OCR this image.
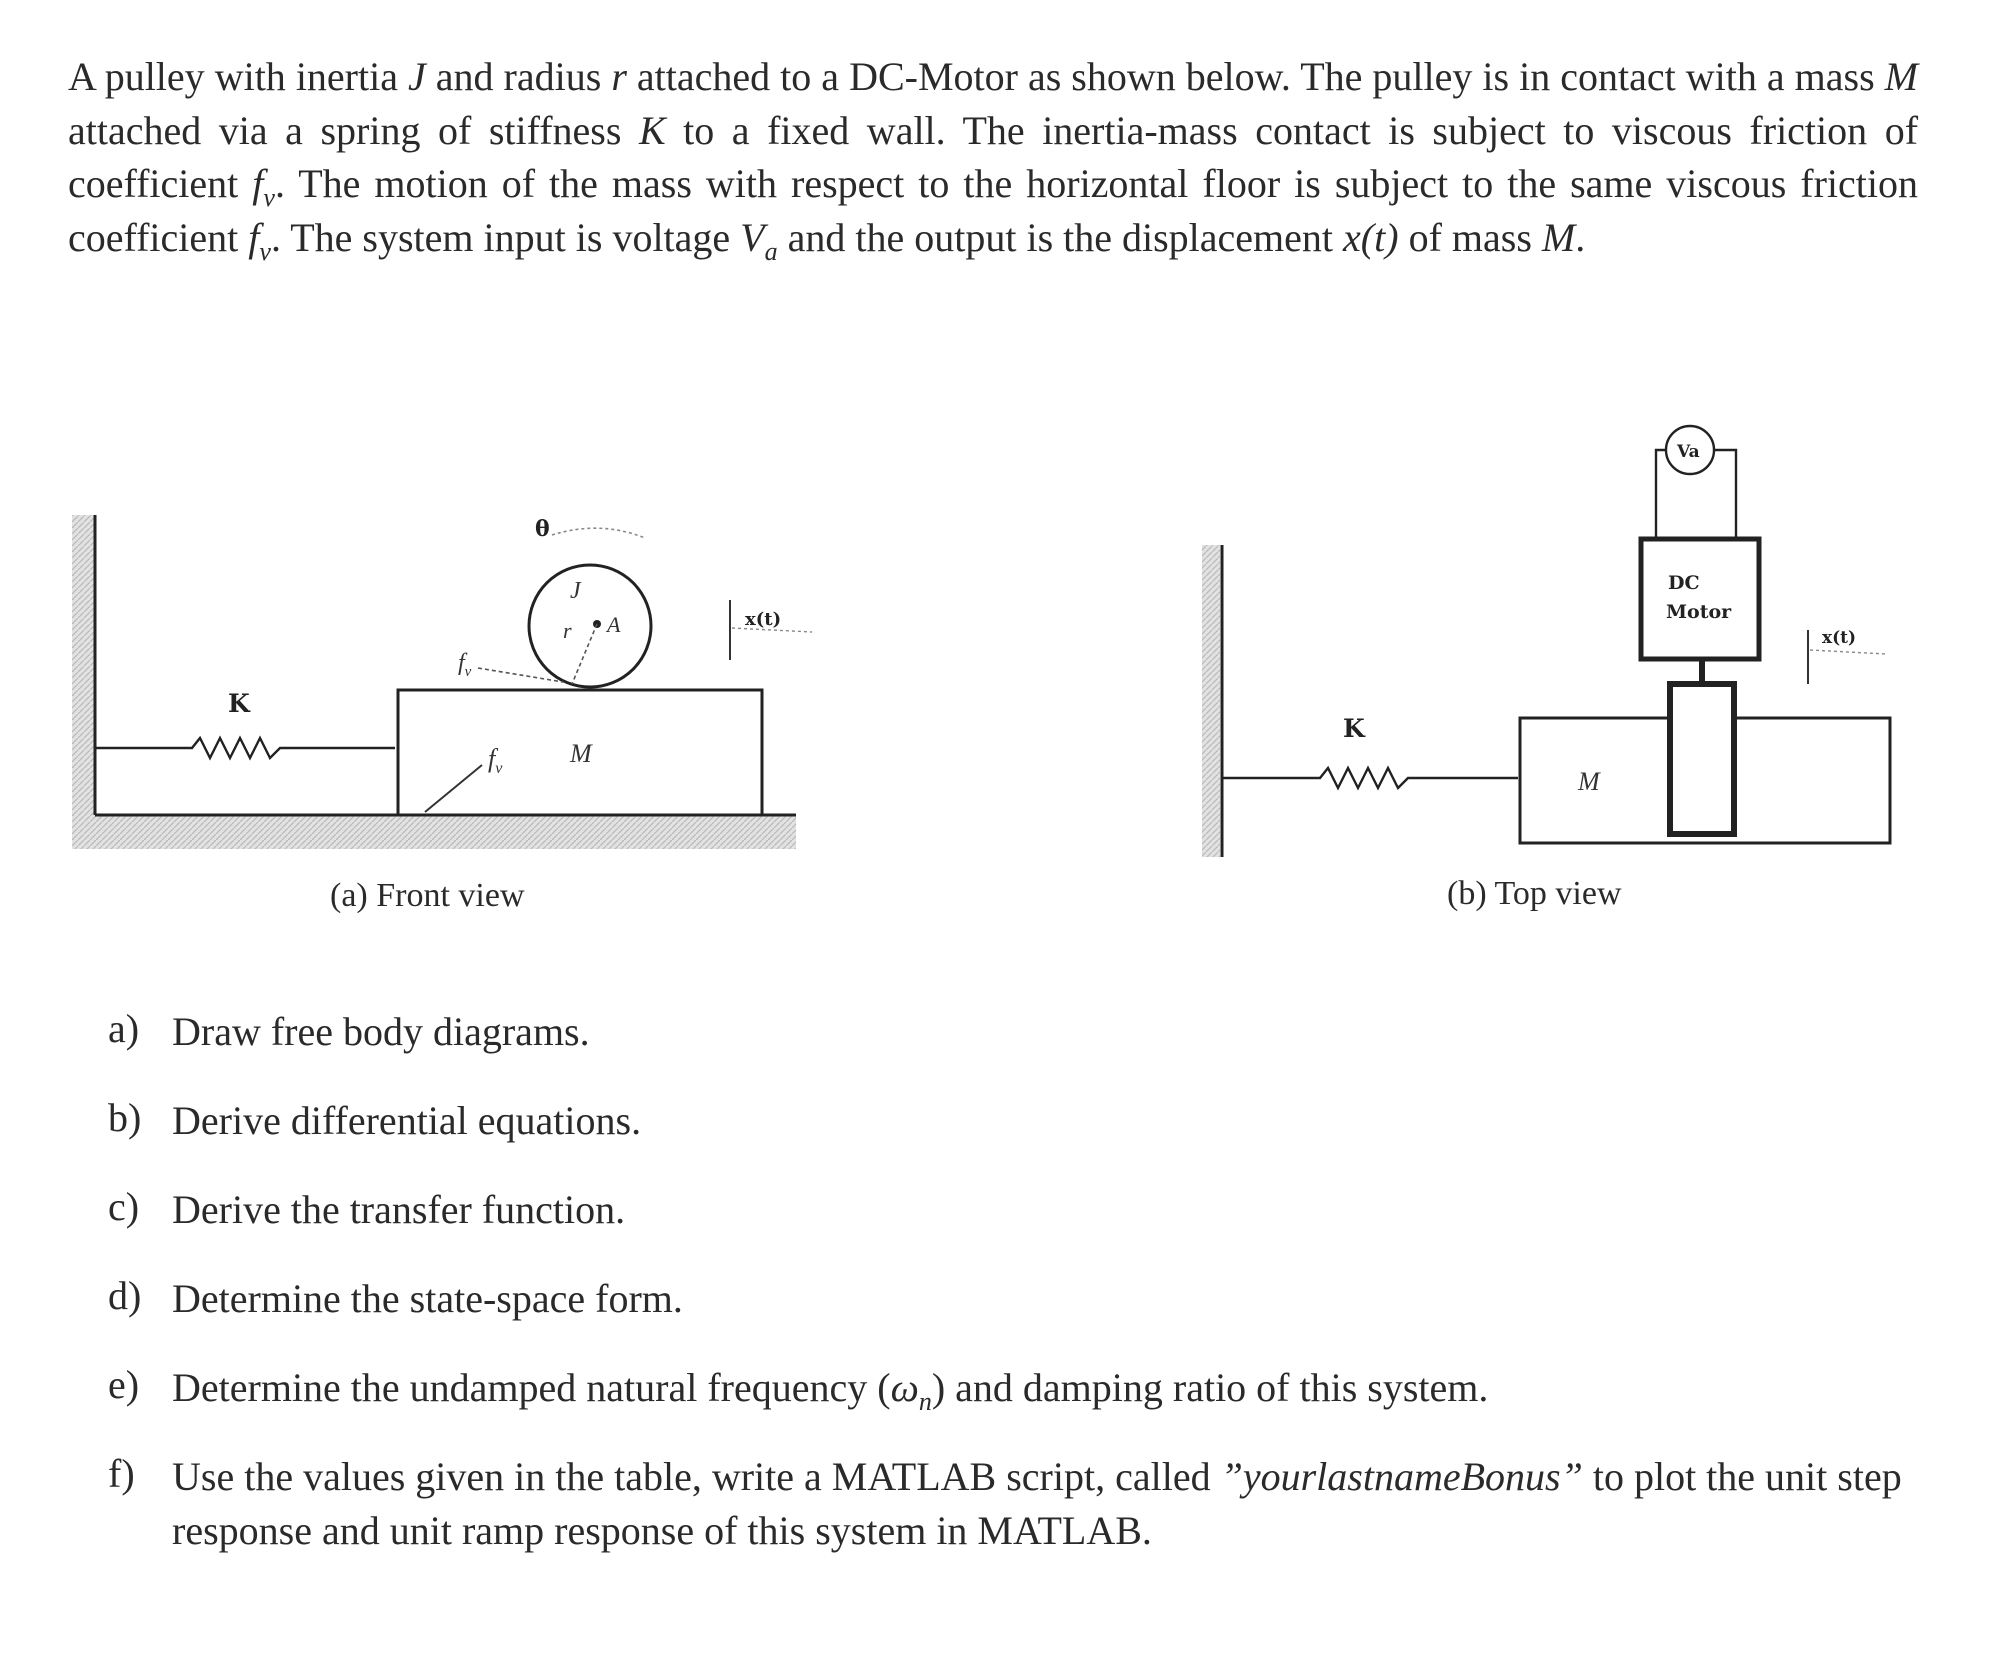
A pulley with inertia J and radius r attached to a DC-Motor as shown below. The pulley is in contact with a mass M attached via a spring of stiffness K to a fixed wall. The inertia-mass contact is subject to viscous friction of coefficient $f_v$. The motion of the mass with respect to the horizontal floor is subject to the same viscous friction coefficient $f_v$. The system input is voltage $V_a$ and the output is the displacement x(t) of mass M.
K
M
$f_v$
J
r A
θ
$f_v$
x(t)
(a) Front view
K
M
DC
Motor
Va
x(t)
(b) Top view
a) Draw free body diagrams.
b) Derive differential equations.
c) Derive the transfer function.
d) Determine the state-space form.
e) Determine the undamped natural frequency $(\omega_n)$ and damping ratio of this system.
f) Use the values given in the table, write a MATLAB script, called ”yourlastnameBonus” to plot the unit step response and unit ramp response of this system in MATLAB.
